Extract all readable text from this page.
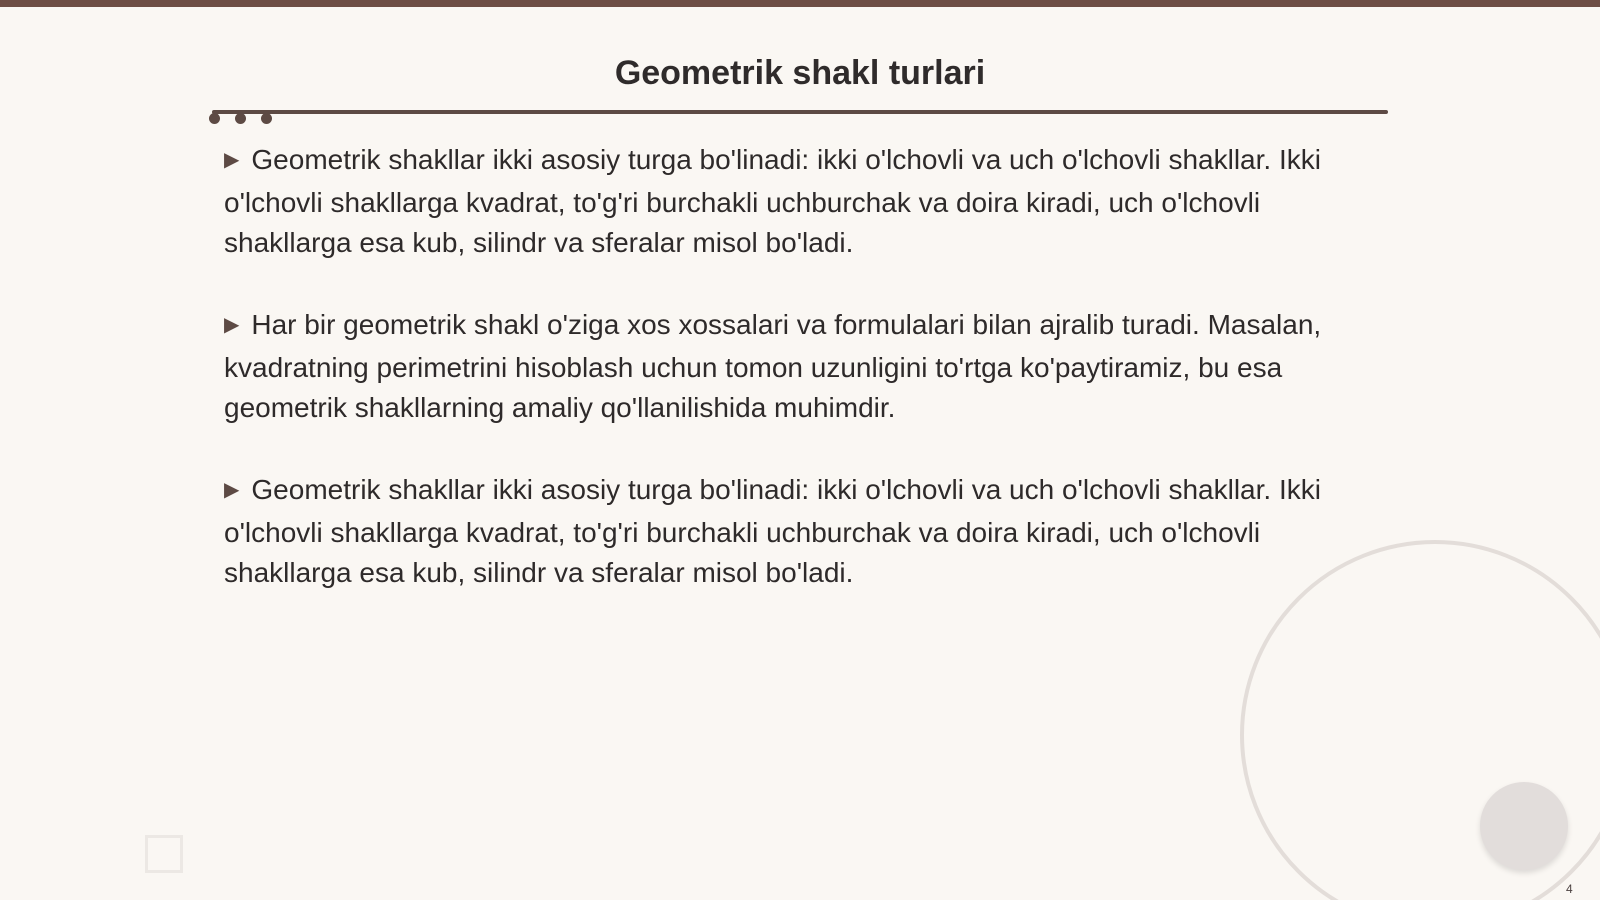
Geometrik shakl turlari

▶ Geometrik shakllar ikki asosiy turga bo'linadi: ikki o'lchovli va uch o'lchovli shakllar. Ikki o'lchovli shakllarga kvadrat, to'g'ri burchakli uchburchak va doira kiradi, uch o'lchovli shakllarga esa kub, silindr va sferalar misol bo'ladi.

▶ Har bir geometrik shakl o'ziga xos xossalari va formulalari bilan ajralib turadi. Masalan, kvadratning perimetrini hisoblash uchun tomon uzunligini to'rtga ko'paytiramiz, bu esa geometrik shakllarning amaliy qo'llanilishida muhimdir.

▶ Geometrik shakllar ikki asosiy turga bo'linadi: ikki o'lchovli va uch o'lchovli shakllar. Ikki o'lchovli shakllarga kvadrat, to'g'ri burchakli uchburchak va doira kiradi, uch o'lchovli shakllarga esa kub, silindr va sferalar misol bo'ladi.

4
